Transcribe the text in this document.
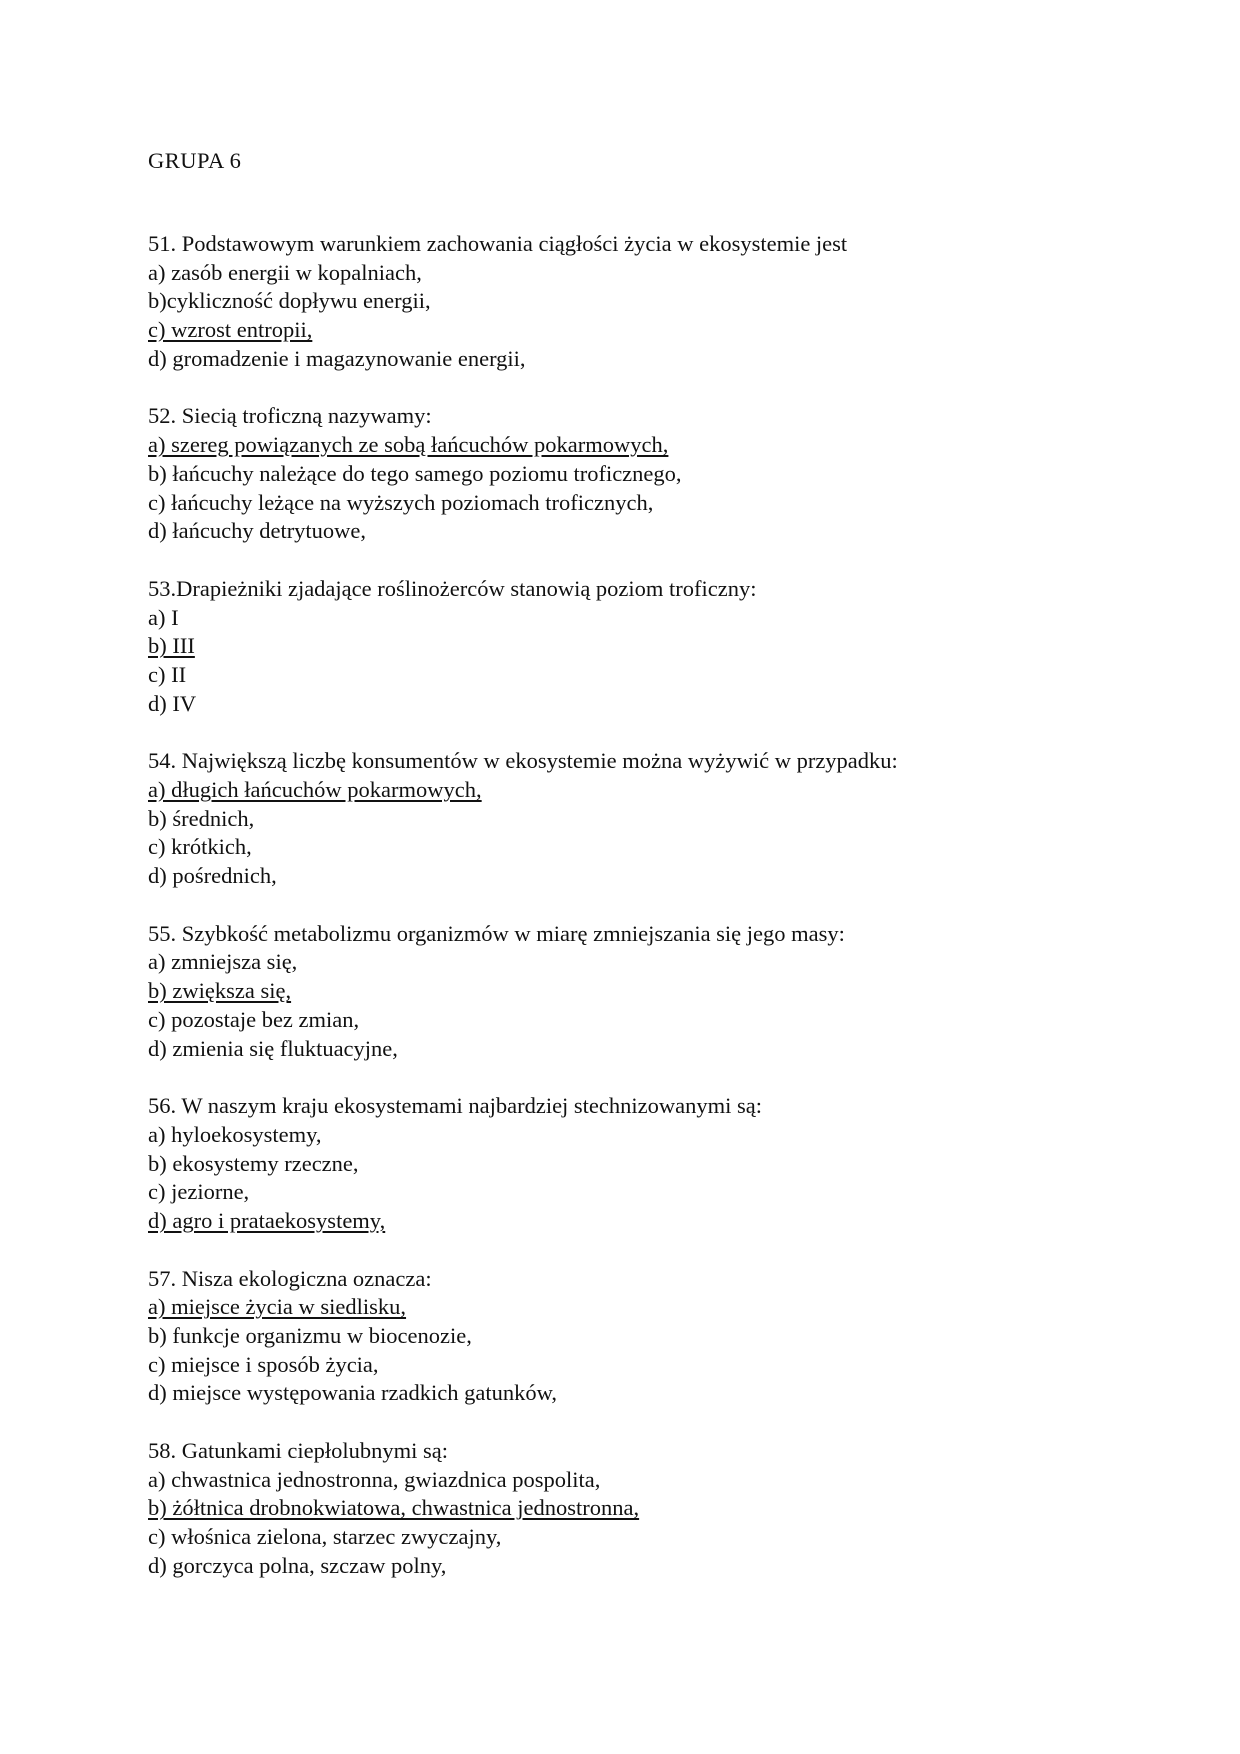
GRUPA 6
51. Podstawowym warunkiem zachowania ciągłości życia w ekosystemie jest
a) zasób energii w kopalniach,
b)cykliczność dopływu energii,
c) wzrost entropii,
d) gromadzenie i magazynowanie energii,
52. Siecią troficzną nazywamy:
a) szereg powiązanych ze sobą łańcuchów pokarmowych,
b) łańcuchy należące do tego samego poziomu troficznego,
c) łańcuchy leżące na wyższych poziomach troficznych,
d) łańcuchy detrytuowe,
53.Drapieżniki zjadające roślinożerców stanowią poziom troficzny:
a) I
b) III
c) II
d) IV
54. Największą liczbę konsumentów w ekosystemie można wyżywić w przypadku:
a) długich łańcuchów pokarmowych,
b) średnich,
c) krótkich,
d) pośrednich,
55. Szybkość metabolizmu organizmów w miarę zmniejszania się jego masy:
a) zmniejsza się,
b) zwiększa się,
c) pozostaje bez zmian,
d) zmienia się fluktuacyjne,
56. W naszym kraju ekosystemami najbardziej stechnizowanymi są:
a) hyloekosystemy,
b) ekosystemy rzeczne,
c) jeziorne,
d) agro i prataekosystemy,
57. Nisza ekologiczna oznacza:
a) miejsce życia w siedlisku,
b) funkcje organizmu w biocenozie,
c) miejsce i sposób życia,
d) miejsce występowania rzadkich gatunków,
58. Gatunkami ciepłolubnymi są:
a) chwastnica jednostronna, gwiazdnica pospolita,
b) żółtnica drobnokwiatowa, chwastnica jednostronna,
c) włośnica zielona, starzec zwyczajny,
d) gorczyca polna, szczaw polny,
